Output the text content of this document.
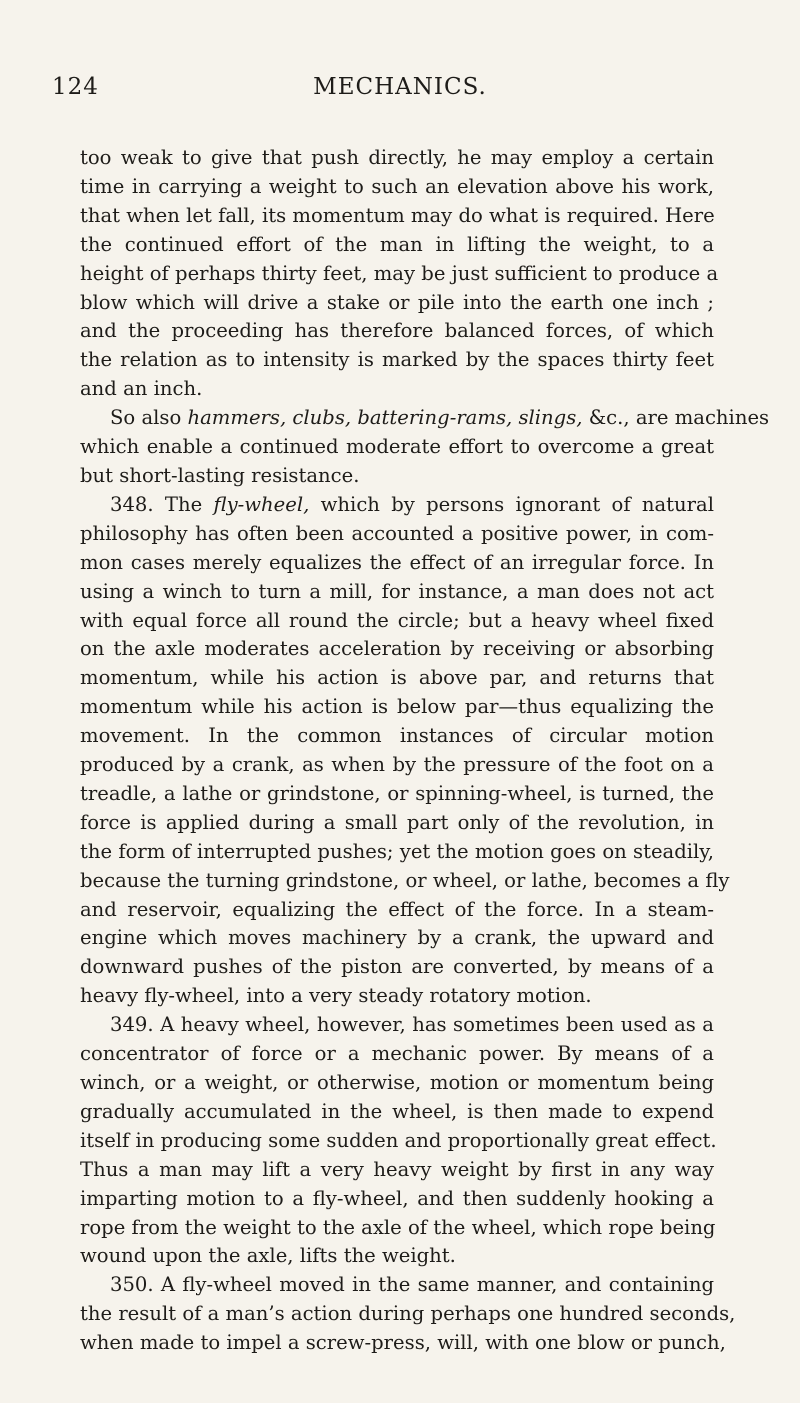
124	MECHANICS.
too weak to give that push directly, he may employ a certain
time in carrying a weight to such an elevation above his work,
that when let fall, its momentum may do what is required. Here
the continued effort of the man in lifting the weight, to a
height of perhaps thirty feet, may be just sufficient to produce a
blow which will drive a stake or pile into the earth one inch ;
and the proceeding has therefore balanced forces, of which
the relation as to intensity is marked by the spaces thirty feet
and an inch.
So also hammers, clubs, battering-rams, slings, &c., are machines
which enable a continued moderate effort to overcome a great
but short-lasting resistance.
348. The fly-wheel, which by persons ignorant of natural
philosophy has often been accounted a positive power, in com-
mon cases merely equalizes the effect of an irregular force. In
using a winch to turn a mill, for instance, a man does not act
with equal force all round the circle; but a heavy wheel fixed
on the axle moderates acceleration by receiving or absorbing
momentum, while his action is above par, and returns that
momentum while his action is below par—thus equalizing the
movement. In the common instances of circular motion
produced by a crank, as when by the pressure of the foot on a
treadle, a lathe or grindstone, or spinning-wheel, is turned, the
force is applied during a small part only of the revolution, in
the form of interrupted pushes; yet the motion goes on steadily,
because the turning grindstone, or wheel, or lathe, becomes a fly
and reservoir, equalizing the effect of the force. In a steam-
engine which moves machinery by a crank, the upward and
downward pushes of the piston are converted, by means of a
heavy fly-wheel, into a very steady rotatory motion.
349. A heavy wheel, however, has sometimes been used as a
concentrator of force or a mechanic power. By means of a
winch, or a weight, or otherwise, motion or momentum being
gradually accumulated in the wheel, is then made to expend
itself in producing some sudden and proportionally great effect.
Thus a man may lift a very heavy weight by first in any way
imparting motion to a fly-wheel, and then suddenly hooking a
rope from the weight to the axle of the wheel, which rope being
wound upon the axle, lifts the weight.
350. A fly-wheel moved in the same manner, and containing
the result of a man’s action during perhaps one hundred seconds,
when made to impel a screw-press, will, with one blow or punch,
